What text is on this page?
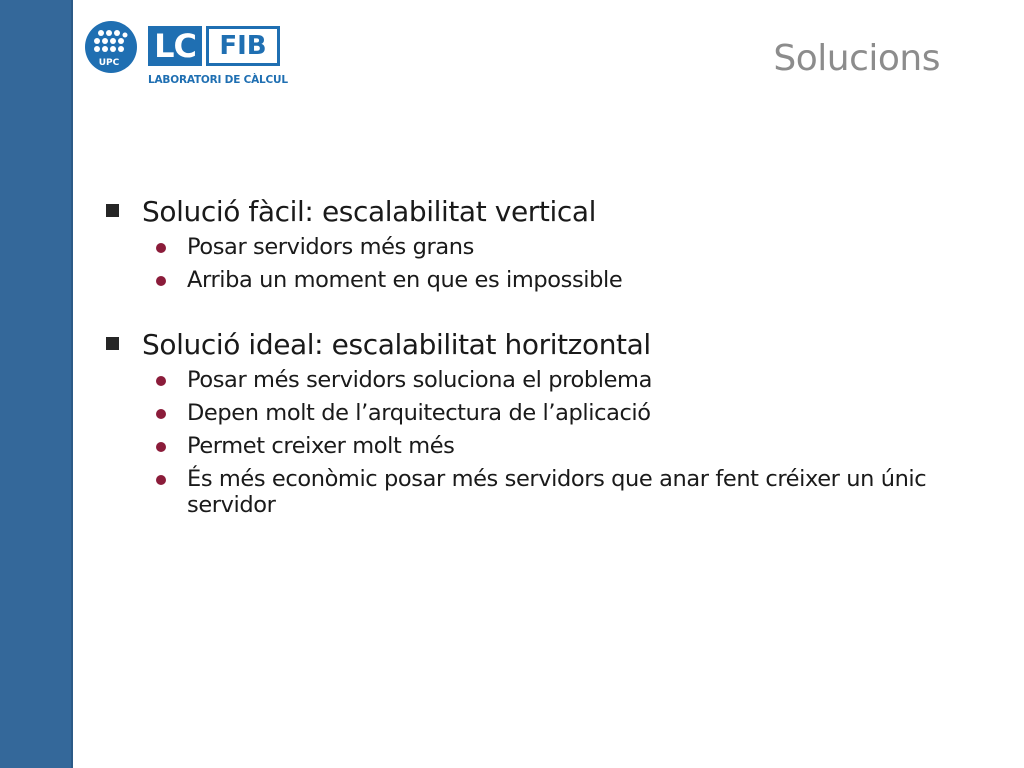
UPC LC FIB
LABORATORI DE CÀLCUL
Solucions
Solució fàcil: escalabilitat vertical
Posar servidors més grans
Arriba un moment en que es impossible
Solució ideal: escalabilitat horitzontal
Posar més servidors soluciona el problema
Depen molt de l’arquitectura de l’aplicació
Permet creixer molt més
És més econòmic posar més servidors que anar fent créixer un únic servidor
